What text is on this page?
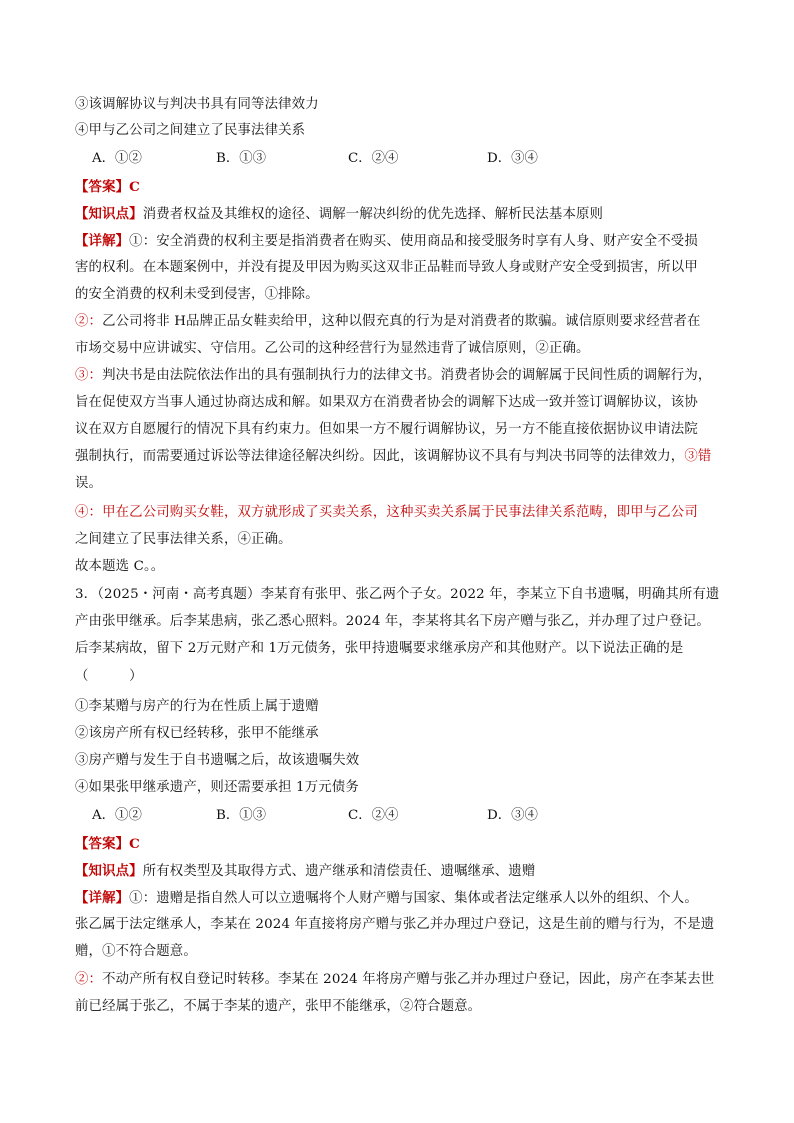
③该调解协议与判决书具有同等法律效力
④甲与乙公司之间建立了民事法律关系
A．①②	B．①③	C．②④	D．③④
【答案】C
【知识点】消费者权益及其维权的途径、调解一解决纠纷的优先选择、解析民法基本原则
【详解】①：安全消费的权利主要是指消费者在购买、使用商品和接受服务时享有人身、财产安全不受损
害的权利。在本题案例中，并没有提及甲因为购买这双非正品鞋而导致人身或财产安全受到损害，所以甲
的安全消费的权利未受到侵害，①排除。
②：乙公司将非 H品牌正品女鞋卖给甲，这种以假充真的行为是对消费者的欺骗。诚信原则要求经营者在
市场交易中应讲诚实、守信用。乙公司的这种经营行为显然违背了诚信原则，②正确。
③：判决书是由法院依法作出的具有强制执行力的法律文书。消费者协会的调解属于民间性质的调解行为，
旨在促使双方当事人通过协商达成和解。如果双方在消费者协会的调解下达成一致并签订调解协议，该协
议在双方自愿履行的情况下具有约束力。但如果一方不履行调解协议，另一方不能直接依据协议申请法院
强制执行，而需要通过诉讼等法律途径解决纠纷。因此，该调解协议不具有与判决书同等的法律效力，③错
误。
④：甲在乙公司购买女鞋，双方就形成了买卖关系，这种买卖关系属于民事法律关系范畴，即甲与乙公司
之间建立了民事法律关系，④正确。
故本题选 C。。
3．（2025・河南・高考真题）李某育有张甲、张乙两个子女。2022 年，李某立下自书遗嘱，明确其所有遗
产由张甲继承。后李某患病，张乙悉心照料。2024 年，李某将其名下房产赠与张乙，并办理了过户登记。
后李某病故，留下 2万元财产和 1万元债务，张甲持遗嘱要求继承房产和其他财产。以下说法正确的是
（　　　）
①李某赠与房产的行为在性质上属于遗赠
②该房产所有权已经转移，张甲不能继承
③房产赠与发生于自书遗嘱之后，故该遗嘱失效
④如果张甲继承遗产，则还需要承担 1万元债务
A．①②	B．①③	C．②④	D．③④
【答案】C
【知识点】所有权类型及其取得方式、遗产继承和清偿责任、遗嘱继承、遗赠
【详解】①：遗赠是指自然人可以立遗嘱将个人财产赠与国家、集体或者法定继承人以外的组织、个人。
张乙属于法定继承人，李某在 2024 年直接将房产赠与张乙并办理过户登记，这是生前的赠与行为，不是遗
赠，①不符合题意。
②：不动产所有权自登记时转移。李某在 2024 年将房产赠与张乙并办理过户登记，因此，房产在李某去世
前已经属于张乙，不属于李某的遗产，张甲不能继承，②符合题意。
